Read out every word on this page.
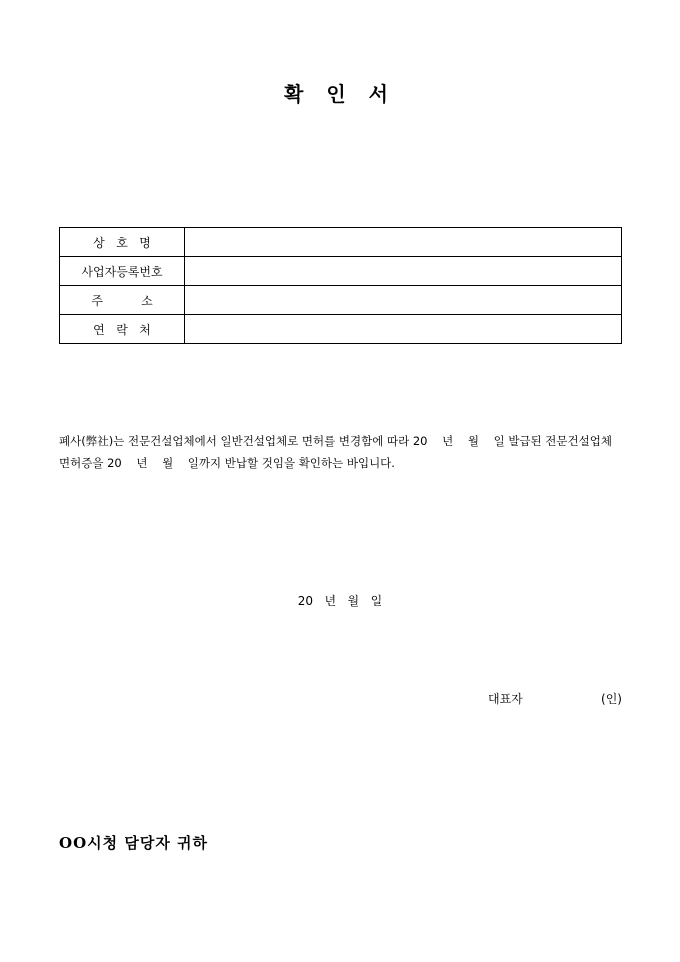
확 인 서
상   호   명	
사업자등록번호	
주          소	
연   락   처	

폐사(弊社)는 전문건설업체에서 일반건설업체로 면허를 변경함에 따라 20    년    월    일 발급된 전문건설업체 면허증을 20    년    월    일까지 반납할 것임을 확인하는 바입니다.

20   년   월   일
대표자	(인)

OO시청 담당자 귀하
